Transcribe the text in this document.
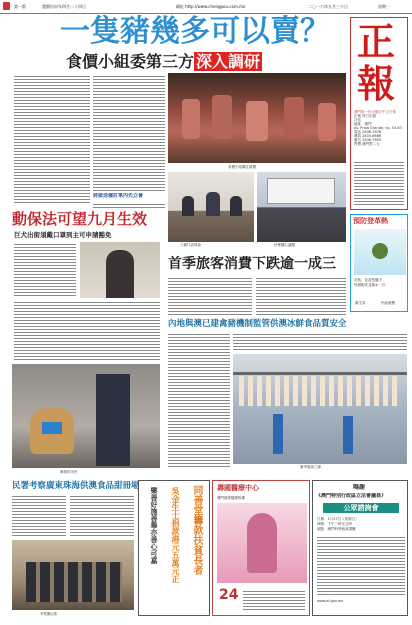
第一版	農曆丙申年四月二十四日	網址 http://www.chengpou.com.mo	二〇一六年五月三十日	星期一
正
報
澳門第一份正體字中文日報
正報 每日出版
社長
地址：澳門
Av. Praia Grande, no. 53-63
電話 2836-7878
傳真 2833-6666
廣告 2836-7655
售價 澳門幣二元
一隻豬幾多可以賣？
食價小組委第三方 深入調研
將做送樣訂單內先立會
食價小組關注豬價
工聯代表與會	民眾關心議題
預防登革熱
花瓶、花盆墊盤少
每週刷洗並換水一次
衛生局	民政總署
動保法可望九月生效
巨犬出街須戴口罩到主可申請豁免
牽狗的市民
首季旅客消費下跌逾一成三
內地與澳已建禽豬機制監管供澳冰鮮食品質安全
屠宰場加工線
民署考察廣東珠海供澳食品甜冊場
考察團合影
同善堂籌款扶貧長者
吳金生士捐款港元五萬元正
樂善好施善舉亦善心可嘉	壽國醫療中心
澳門健康醫療推廣
24
鳴謝
《澳門特別行政區立法會議員》
公眾諮詢會
日期：1月27日（星期日）
時間：下午三時至五時
地點：澳門科學館演講廳
www.al.gov.mo
